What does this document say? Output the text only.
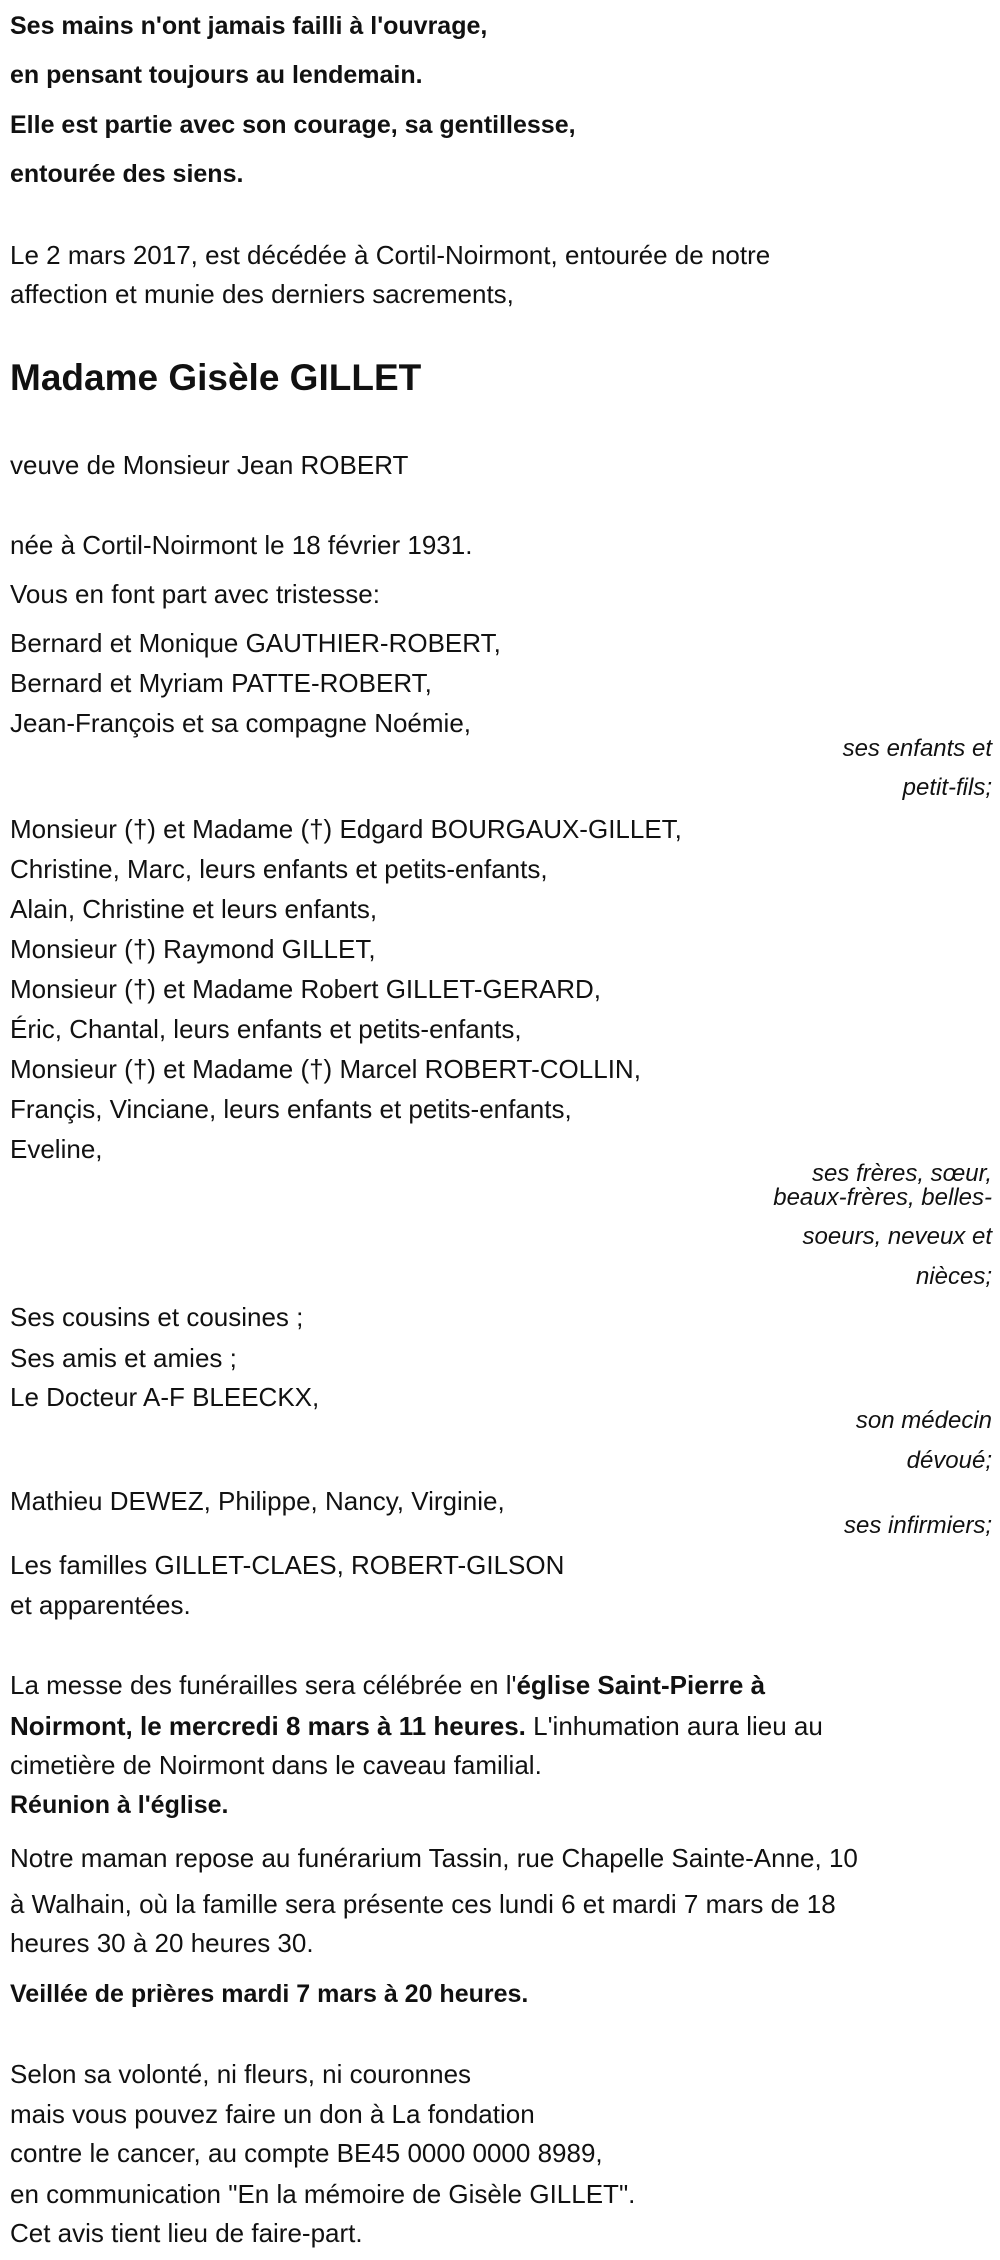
Ses mains n'ont jamais failli à l'ouvrage,
en pensant toujours au lendemain.
Elle est partie avec son courage, sa gentillesse,
entourée des siens.
Le 2 mars 2017, est décédée à Cortil-Noirmont, entourée de notre
affection et munie des derniers sacrements,
Madame Gisèle GILLET
veuve de Monsieur Jean ROBERT
née à Cortil-Noirmont le 18 février 1931.
Vous en font part avec tristesse:
Bernard et Monique GAUTHIER-ROBERT,
Bernard et Myriam PATTE-ROBERT,
Jean-François et sa compagne Noémie,
ses enfants et
petit-fils;
Monsieur (†) et Madame (†) Edgard BOURGAUX-GILLET,
Christine, Marc, leurs enfants et petits-enfants,
Alain, Christine et leurs enfants,
Monsieur (†) Raymond GILLET,
Monsieur (†) et Madame Robert GILLET-GERARD,
Éric, Chantal, leurs enfants et petits-enfants,
Monsieur (†) et Madame (†) Marcel ROBERT-COLLIN,
Françis, Vinciane, leurs enfants et petits-enfants,
Eveline,
ses frères, sœur,
beaux-frères, belles-
soeurs, neveux et
nièces;
Ses cousins et cousines ;
Ses amis et amies ;
Le Docteur A-F BLEECKX,
son médecin
dévoué;
Mathieu DEWEZ, Philippe, Nancy, Virginie,
ses infirmiers;
Les familles GILLET-CLAES, ROBERT-GILSON
et apparentées.
La messe des funérailles sera célébrée en l'église Saint-Pierre à
Noirmont, le mercredi 8 mars à 11 heures. L'inhumation aura lieu au
cimetière de Noirmont dans le caveau familial.
Réunion à l'église.
Notre maman repose au funérarium Tassin, rue Chapelle Sainte-Anne, 10
à Walhain, où la famille sera présente ces lundi 6 et mardi 7 mars de 18
heures 30 à 20 heures 30.
Veillée de prières mardi 7 mars à 20 heures.
Selon sa volonté, ni fleurs, ni couronnes
mais vous pouvez faire un don à La fondation
contre le cancer, au compte BE45 0000 0000 8989,
en communication "En la mémoire de Gisèle GILLET".
Cet avis tient lieu de faire-part.
